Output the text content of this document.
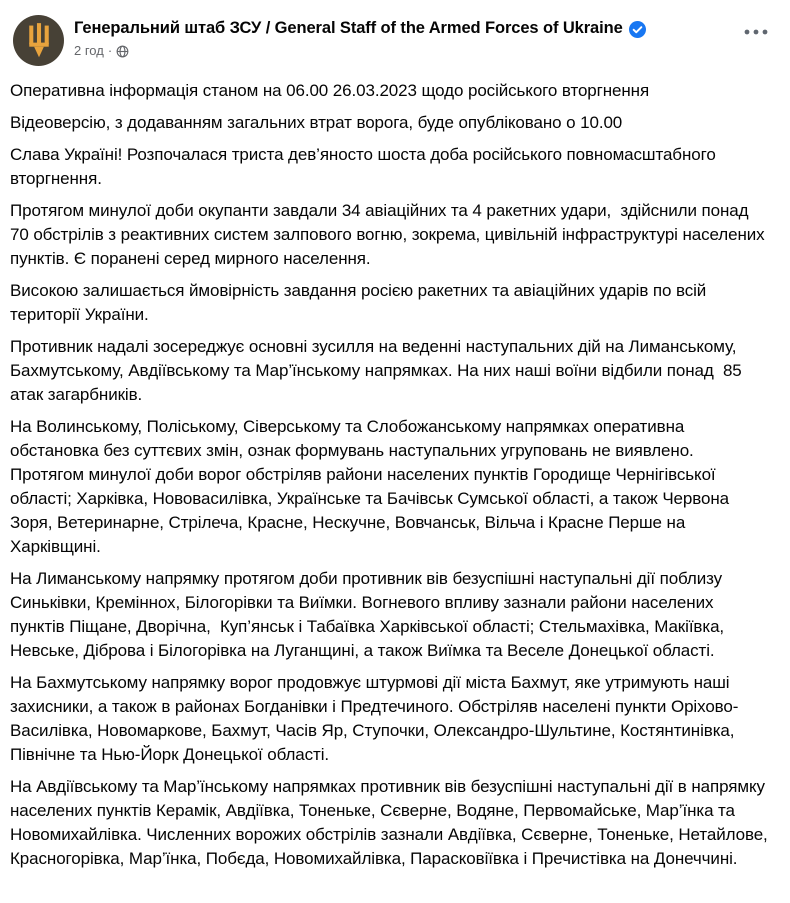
Генеральний штаб ЗСУ / General Staff of the Armed Forces of Ukraine
2 год ·

Оперативна інформація станом на 06.00 26.03.2023 щодо російського вторгнення

Відеоверсію, з додаванням загальних втрат ворога, буде опубліковано о 10.00

Слава Україні! Розпочалася триста дев’яносто шоста доба російського повномасштабного вторгнення.

Протягом минулої доби окупанти завдали 34 авіаційних та 4 ракетних удари,  здійснили понад 70 обстрілів з реактивних систем залпового вогню, зокрема, цивільній інфраструктурі населених пунктів. Є поранені серед мирного населення.

Високою залишається ймовірність завдання росією ракетних та авіаційних ударів по всій території України.

Противник надалі зосереджує основні зусилля на веденні наступальних дій на Лиманському, Бахмутському, Авдіївському та Мар’їнському напрямках. На них наші воїни відбили понад  85 атак загарбників.

На Волинському, Поліському, Сіверському та Слобожанському напрямках оперативна обстановка без суттєвих змін, ознак формувань наступальних угруповань не виявлено. Протягом минулої доби ворог обстріляв райони населених пунктів Городище Чернігівської області; Харківка, Нововасилівка, Українське та Бачівськ Сумської області, а також Червона Зоря, Ветеринарне, Стрілеча, Красне, Нескучне, Вовчанськ, Вільча і Красне Перше на Харківщині.

На Лиманському напрямку протягом доби противник вів безуспішні наступальні дії поблизу Синьківки, Креміннох, Білогорівки та Виїмки. Вогневого впливу зазнали райони населених пунктів Піщане, Дворічна,  Куп’янськ і Табаївка Харківської області; Стельмахівка, Макіївка, Невське, Діброва і Білогорівка на Луганщині, а також Виїмка та Веселе Донецької області.

На Бахмутському напрямку ворог продовжує штурмові дії міста Бахмут, яке утримують наші захисники, а також в районах Богданівки і Предтечиного. Обстріляв населені пункти Оріхово-Василівка, Новомаркове, Бахмут, Часів Яр, Ступочки, Олександро-Шультине, Костянтинівка, Північне та Нью-Йорк Донецької області.

На Авдіївському та Мар’їнському напрямках противник вів безуспішні наступальні дії в напрямку населених пунктів Керамік, Авдіївка, Тоненьке, Сєверне, Водяне, Первомайське, Мар’їнка та Новомихайлівка. Численних ворожих обстрілів зазнали Авдіївка, Сєверне, Тоненьке, Нетайлове, Красногорівка, Мар’їнка, Побєда, Новомихайлівка, Парасковіївка і Пречистівка на Донеччині.
